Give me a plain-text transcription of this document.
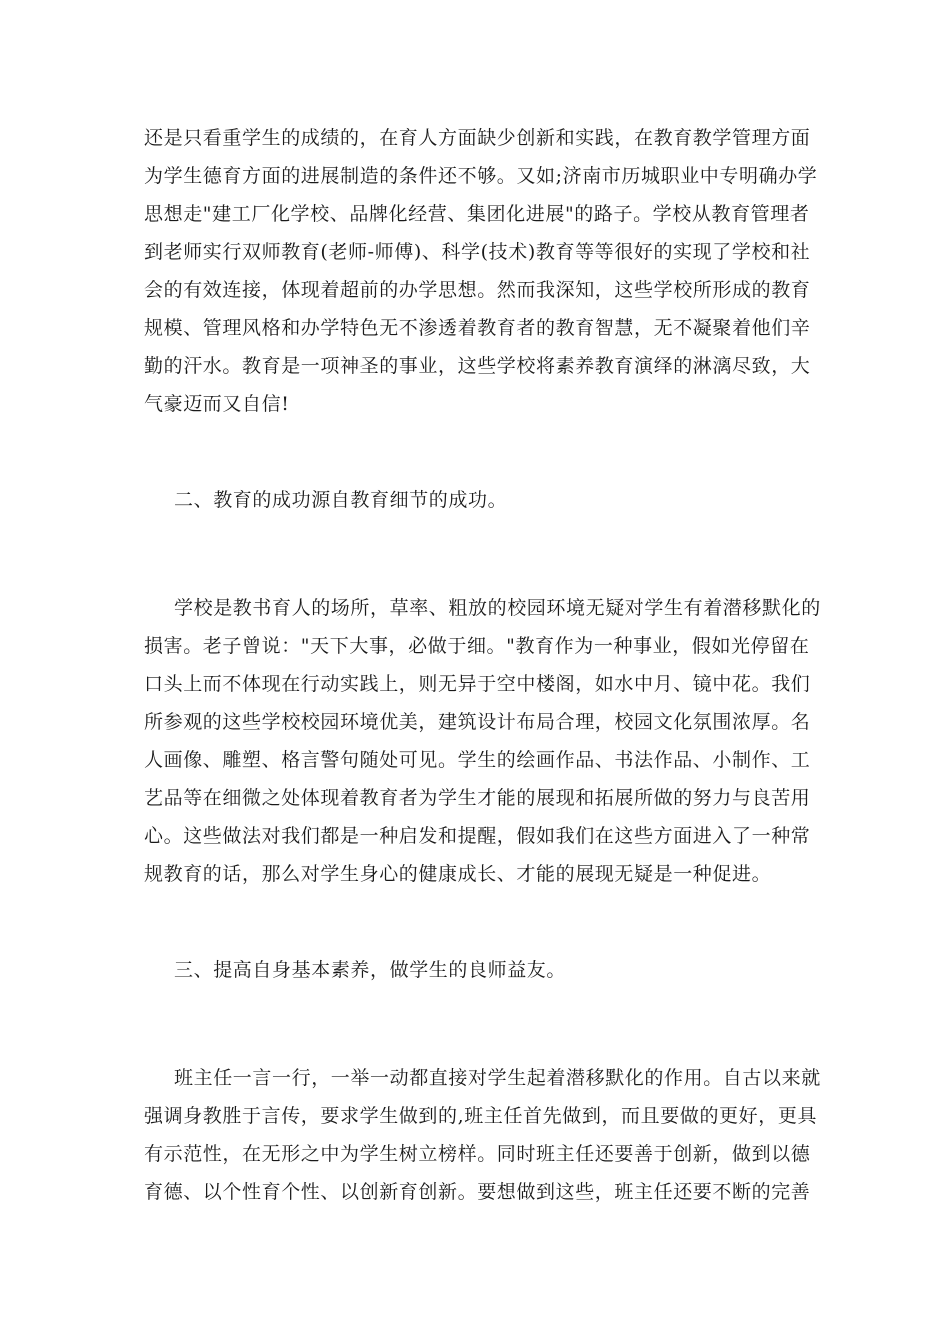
还是只看重学生的成绩的，在育人方面缺少创新和实践，在教育教学管理方面
为学生德育方面的进展制造的条件还不够。又如;济南市历城职业中专明确办学
思想走"建工厂化学校、品牌化经营、集团化进展"的路子。学校从教育管理者
到老师实行双师教育(老师-师傅)、科学(技术)教育等等很好的实现了学校和社
会的有效连接，体现着超前的办学思想。然而我深知，这些学校所形成的教育
规模、管理风格和办学特色无不渗透着教育者的教育智慧，无不凝聚着他们辛
勤的汗水。教育是一项神圣的事业，这些学校将素养教育演绎的淋漓尽致，大
气豪迈而又自信!
二、教育的成功源自教育细节的成功。
学校是教书育人的场所，草率、粗放的校园环境无疑对学生有着潜移默化的
损害。老子曾说："天下大事，必做于细。"教育作为一种事业，假如光停留在
口头上而不体现在行动实践上，则无异于空中楼阁，如水中月、镜中花。我们
所参观的这些学校校园环境优美，建筑设计布局合理，校园文化氛围浓厚。名
人画像、雕塑、格言警句随处可见。学生的绘画作品、书法作品、小制作、工
艺品等在细微之处体现着教育者为学生才能的展现和拓展所做的努力与良苦用
心。这些做法对我们都是一种启发和提醒，假如我们在这些方面进入了一种常
规教育的话，那么对学生身心的健康成长、才能的展现无疑是一种促进。
三、提高自身基本素养，做学生的良师益友。
班主任一言一行，一举一动都直接对学生起着潜移默化的作用。自古以来就
强调身教胜于言传，要求学生做到的,班主任首先做到，而且要做的更好，更具
有示范性，在无形之中为学生树立榜样。同时班主任还要善于创新，做到以德
育德、以个性育个性、以创新育创新。要想做到这些，班主任还要不断的完善
